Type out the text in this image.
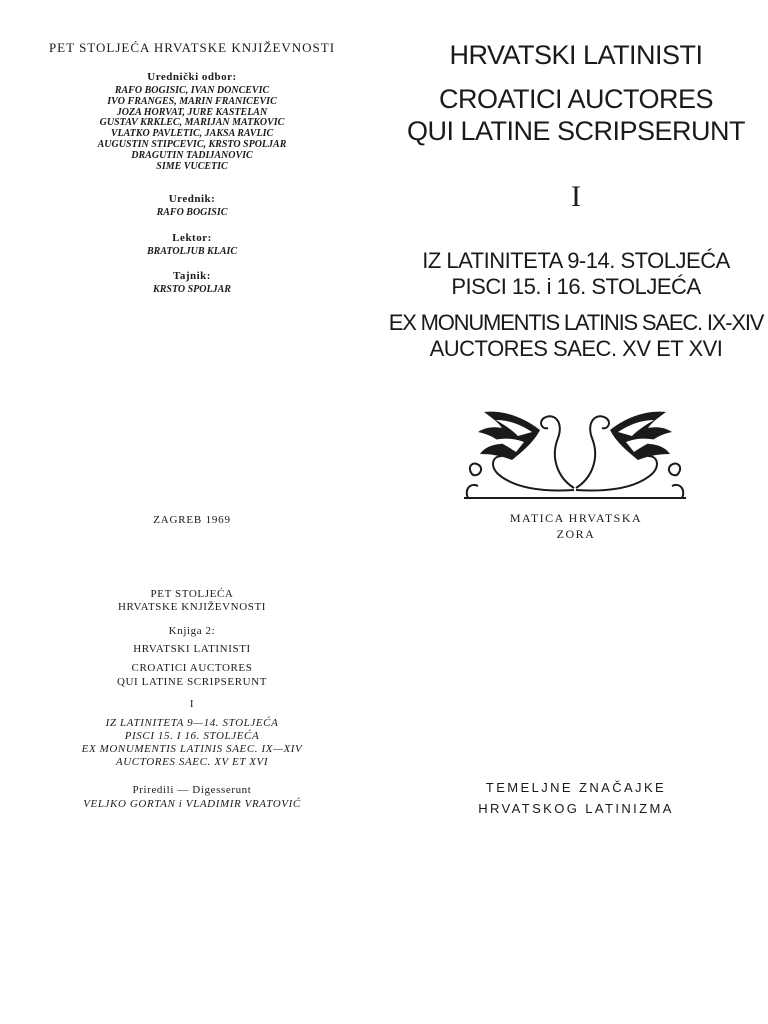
PET STOLJEĆA HRVATSKE KNJIŽEVNOSTI
Urednički odbor:
RAFO BOGISIC, IVAN DONCEVIC
IVO FRANGES, MARIN FRANICEVIC
JOZA HORVAT, JURE KASTELAN
GUSTAV KRKLEC, MARIJAN MATKOVIC
VLATKO PAVLETIC, JAKSA RAVLIC
AUGUSTIN STIPCEVIC, KRSTO SPOLJAR
DRAGUTIN TADIJANOVIC
SIME VUCETIC
Urednik:
RAFO BOGISIC
Lektor:
BRATOLJUB KLAIC
Tajnik:
KRSTO SPOLJAR
ZAGREB 1969
HRVATSKI LATINISTI
CROATICI AUCTORES
QUI LATINE SCRIPSERUNT
I
IZ LATINITETA 9-14. STOLJEĆA
PISCI 15. i 16. STOLJEĆA
EX MONUMENTIS LATINIS SAEC. IX-XIV
AUCTORES SAEC. XV ET XVI
MATICA HRVATSKA
ZORA
PET STOLJEĆA
HRVATSKE KNJIŽEVNOSTI
Knjiga 2:
HRVATSKI LATINISTI
CROATICI AUCTORES
QUI LATINE SCRIPSERUNT
I
IZ LATINITETA 9—14. STOLJEĆA
PISCI 15. I 16. STOLJEĆA
EX MONUMENTIS LATINIS SAEC. IX—XIV
AUCTORES SAEC. XV ET XVI
Priredili — Digesserunt
VELJKO GORTAN i VLADIMIR VRATOVIĆ
TEMELJNE ZNAČAJKE
HRVATSKOG LATINIZMA
